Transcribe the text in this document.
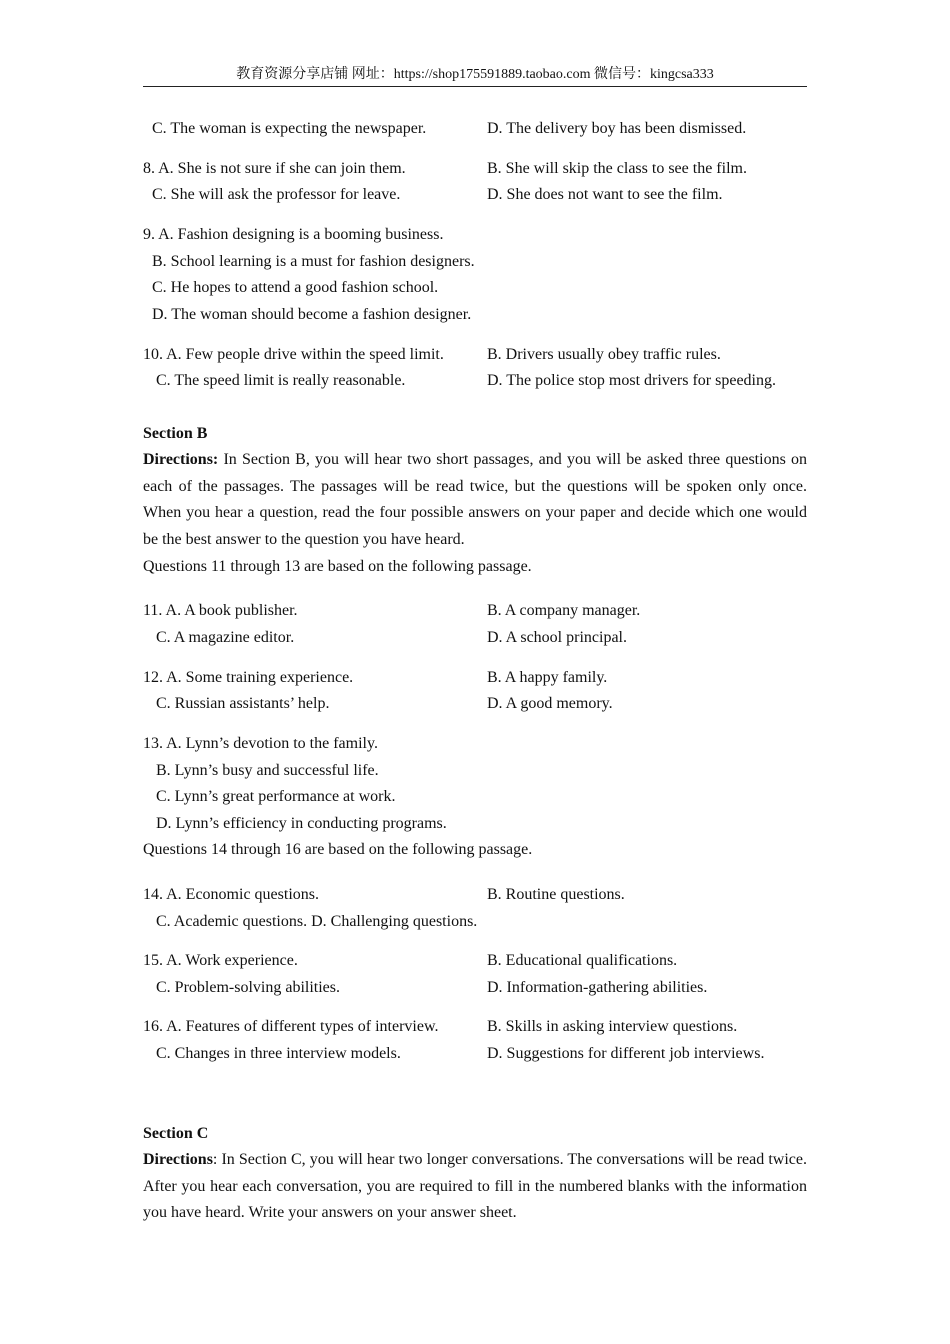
教育资源分享店铺 网址：https://shop175591889.taobao.com 微信号：kingcsa333
C. The woman is expecting the newspaper.	D. The delivery boy has been dismissed.
8. A. She is not sure if she can join them.	B. She will skip the class to see the film.
C. She will ask the professor for leave.	D. She does not want to see the film.
9. A. Fashion designing is a booming business.
B. School learning is a must for fashion designers.
C. He hopes to attend a good fashion school.
D. The woman should become a fashion designer.
10. A. Few people drive within the speed limit.	B. Drivers usually obey traffic rules.
C. The speed limit is really reasonable.	D. The police stop most drivers for speeding.
Section B
Directions: In Section B, you will hear two short passages, and you will be asked three questions on each of the passages. The passages will be read twice, but the questions will be spoken only once. When you hear a question, read the four possible answers on your paper and decide which one would be the best answer to the question you have heard.
Questions 11 through 13 are based on the following passage.
11. A. A book publisher.	B. A company manager.
C. A magazine editor.	D. A school principal.
12. A. Some training experience.	B. A happy family.
C. Russian assistants’ help.	D. A good memory.
13. A. Lynn’s devotion to the family.
B. Lynn’s busy and successful life.
C. Lynn’s great performance at work.
D. Lynn’s efficiency in conducting programs.
Questions 14 through 16 are based on the following passage.
14. A. Economic questions.	B. Routine questions.
C. Academic questions. D. Challenging questions.
15. A. Work experience.	B. Educational qualifications.
C. Problem-solving abilities.	D. Information-gathering abilities.
16. A. Features of different types of interview.	B. Skills in asking interview questions.
C. Changes in three interview models.	D. Suggestions for different job interviews.
Section C
Directions: In Section C, you will hear two longer conversations. The conversations will be read twice. After you hear each conversation, you are required to fill in the numbered blanks with the information you have heard. Write your answers on your answer sheet.
